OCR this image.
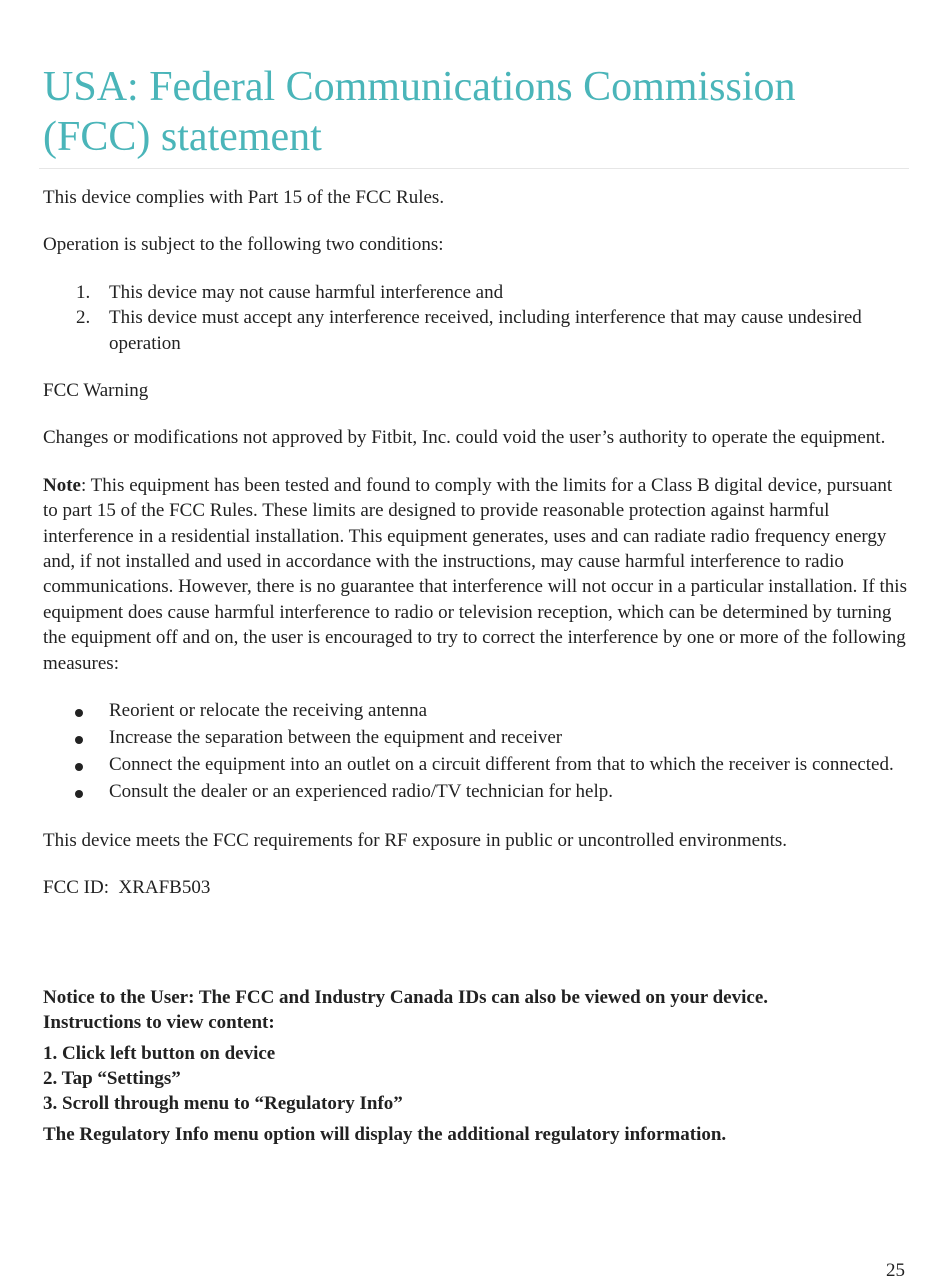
USA: Federal Communications Commission (FCC) statement

This device complies with Part 15 of the FCC Rules.

Operation is subject to the following two conditions:

1. This device may not cause harmful interference and
2. This device must accept any interference received, including interference that may cause undesired operation

FCC Warning

Changes or modifications not approved by Fitbit, Inc. could void the user’s authority to operate the equipment.

Note: This equipment has been tested and found to comply with the limits for a Class B digital device, pursuant to part 15 of the FCC Rules. These limits are designed to provide reasonable protection against harmful interference in a residential installation. This equipment generates, uses and can radiate radio frequency energy and, if not installed and used in accordance with the instructions, may cause harmful interference to radio communications. However, there is no guarantee that interference will not occur in a particular installation. If this equipment does cause harmful interference to radio or television reception, which can be determined by turning the equipment off and on, the user is encouraged to try to correct the interference by one or more of the following measures:

Reorient or relocate the receiving antenna
Increase the separation between the equipment and receiver
Connect the equipment into an outlet on a circuit different from that to which the receiver is connected.
Consult the dealer or an experienced radio/TV technician for help.

This device meets the FCC requirements for RF exposure in public or uncontrolled environments.

FCC ID: XRAFB503

Notice to the User: The FCC and Industry Canada IDs can also be viewed on your device.
Instructions to view content:
1. Click left button on device
2. Tap “Settings”
3. Scroll through menu to “Regulatory Info”
The Regulatory Info menu option will display the additional regulatory information.
25
